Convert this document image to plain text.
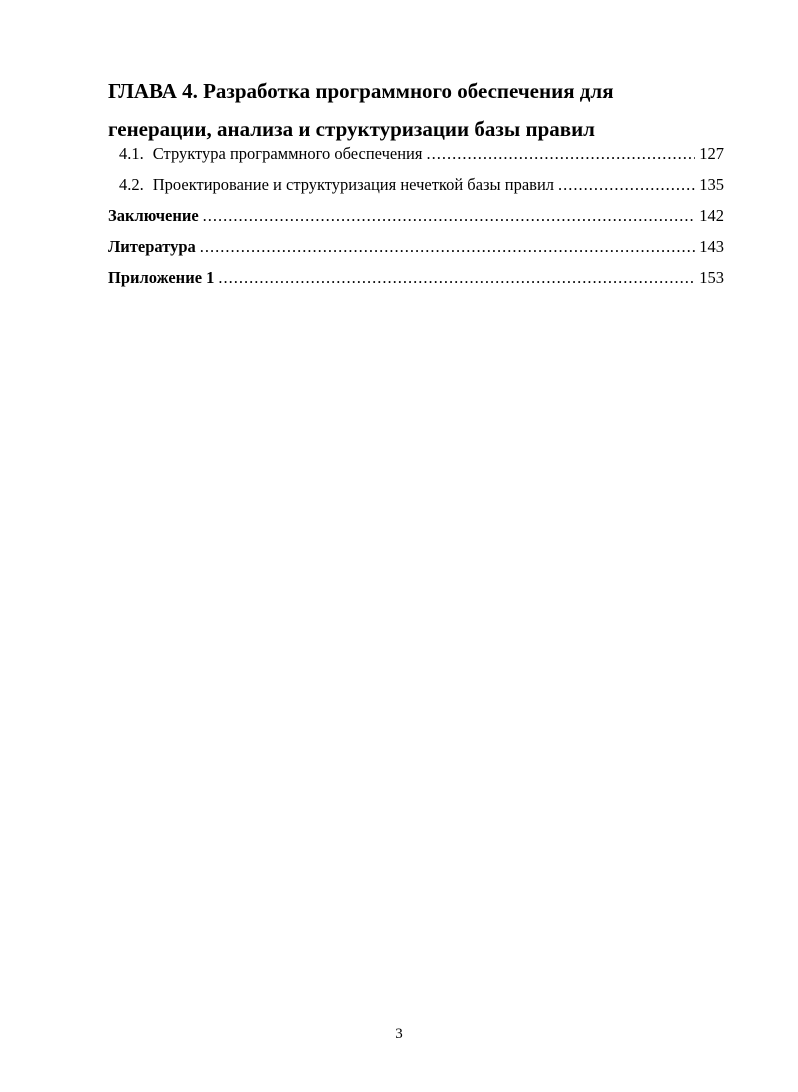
ГЛАВА 4. Разработка программного обеспечения для
генерации, анализа и структуризации базы правил
4.1. Структура программного обеспечения .....	127
4.2. Проектирование и структуризация нечеткой базы правил .....	135
Заключение .....	142
Литература .....	143
Приложение 1 .....	153
3
